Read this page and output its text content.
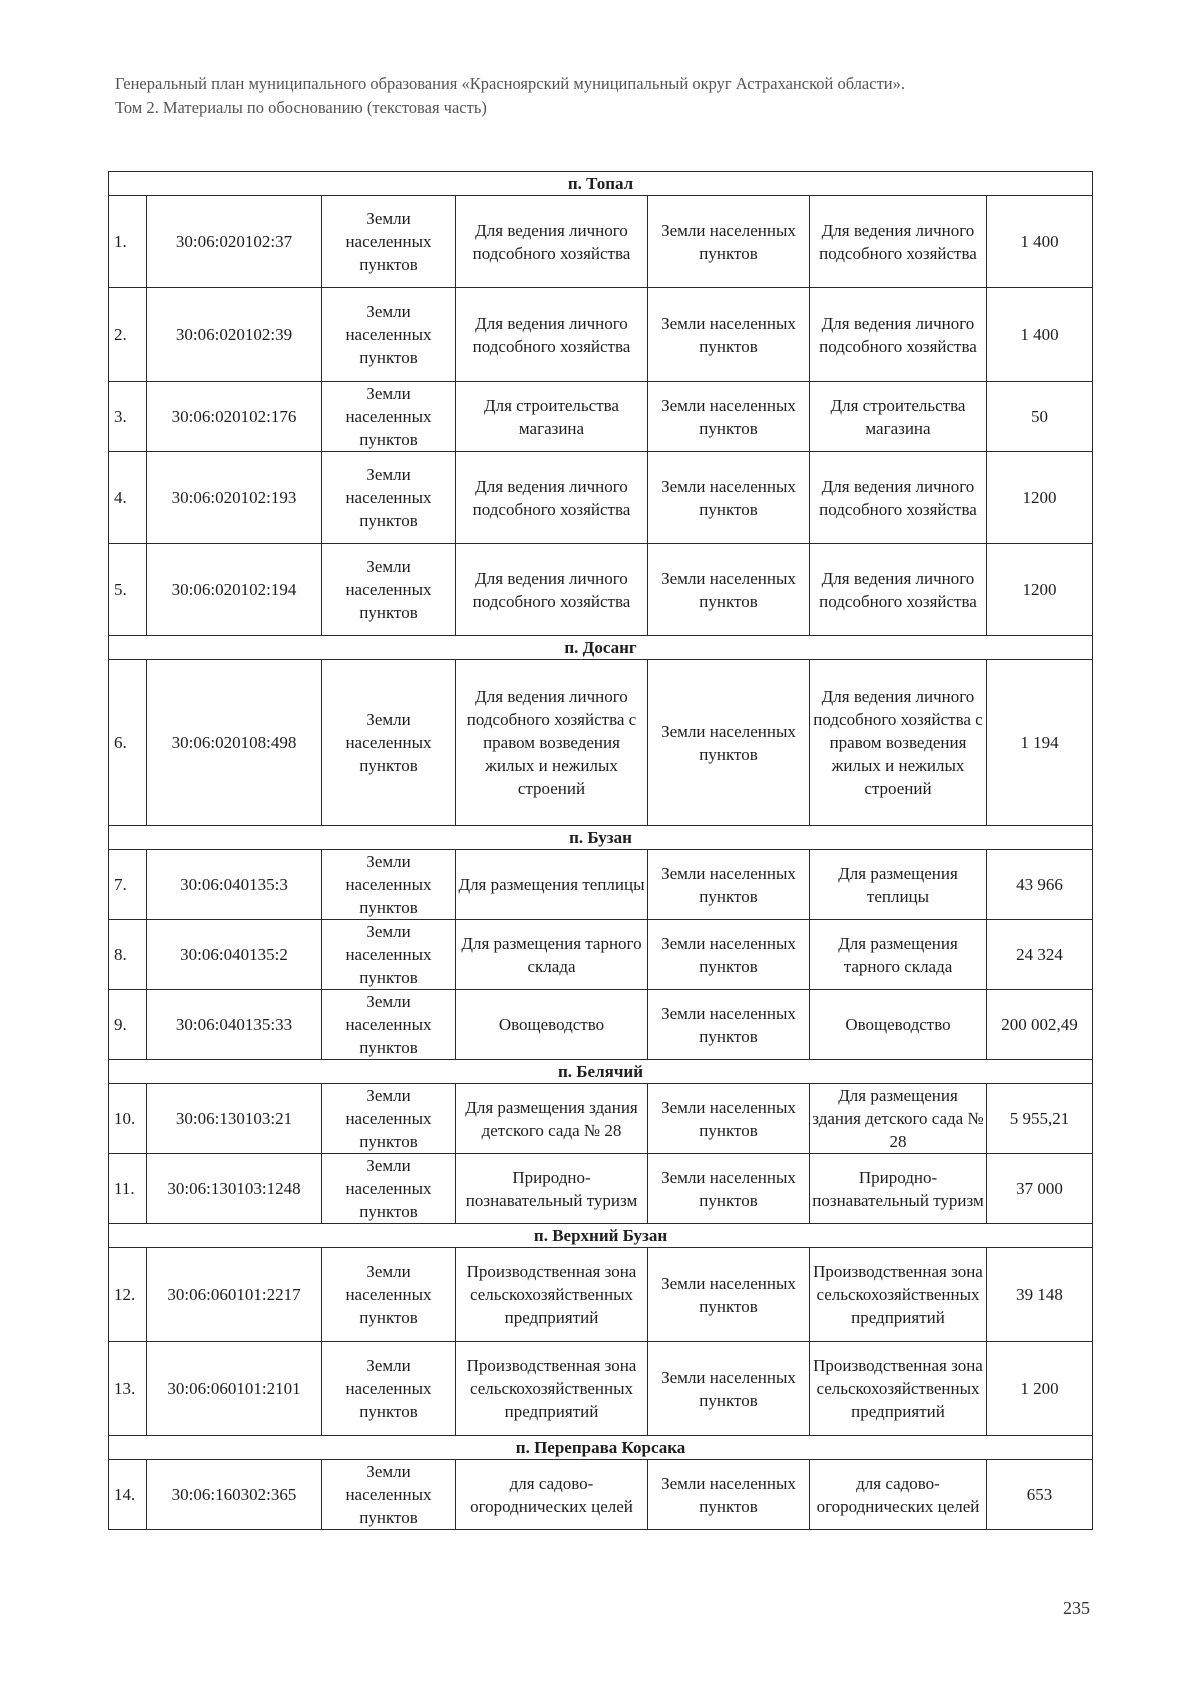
Генеральный план муниципального образования «Красноярский муниципальный округ Астраханской области».
Том 2. Материалы по обоснованию (текстовая часть)
п. Топал						
1.	30:06:020102:37	Земли населенных пунктов	Для ведения личного подсобного хозяйства	Земли населенных пунктов	Для ведения личного подсобного хозяйства	1 400
2.	30:06:020102:39	Земли населенных пунктов	Для ведения личного подсобного хозяйства	Земли населенных пунктов	Для ведения личного подсобного хозяйства	1 400
3.	30:06:020102:176	Земли населенных пунктов	Для строительства магазина	Земли населенных пунктов	Для строительства магазина	50
4.	30:06:020102:193	Земли населенных пунктов	Для ведения личного подсобного хозяйства	Земли населенных пунктов	Для ведения личного подсобного хозяйства	1200
5.	30:06:020102:194	Земли населенных пунктов	Для ведения личного подсобного хозяйства	Земли населенных пунктов	Для ведения личного подсобного хозяйства	1200
п. Досанг						
6.	30:06:020108:498	Земли населенных пунктов	Для ведения личного подсобного хозяйства с правом возведения жилых и нежилых строений	Земли населенных пунктов	Для ведения личного подсобного хозяйства с правом возведения жилых и нежилых строений	1 194
п. Бузан						
7.	30:06:040135:3	Земли населенных пунктов	Для размещения теплицы	Земли населенных пунктов	Для размещения теплицы	43 966
8.	30:06:040135:2	Земли населенных пунктов	Для размещения тарного склада	Земли населенных пунктов	Для размещения тарного склада	24 324
9.	30:06:040135:33	Земли населенных пунктов	Овощеводство	Земли населенных пунктов	Овощеводство	200 002,49
п. Белячий						
10.	30:06:130103:21	Земли населенных пунктов	Для размещения здания детского сада № 28	Земли населенных пунктов	Для размещения здания детского сада № 28	5 955,21
11.	30:06:130103:1248	Земли населенных пунктов	Природно-познавательный туризм	Земли населенных пунктов	Природно-познавательный туризм	37 000
п. Верхний Бузан						
12.	30:06:060101:2217	Земли населенных пунктов	Производственная зона сельскохозяйственных предприятий	Земли населенных пунктов	Производственная зона сельскохозяйственных предприятий	39 148
13.	30:06:060101:2101	Земли населенных пунктов	Производственная зона сельскохозяйственных предприятий	Земли населенных пунктов	Производственная зона сельскохозяйственных предприятий	1 200
п. Переправа Корсака						
14.	30:06:160302:365	Земли населенных пунктов	для садово-огороднических целей	Земли населенных пунктов	для садово-огороднических целей	653
235
